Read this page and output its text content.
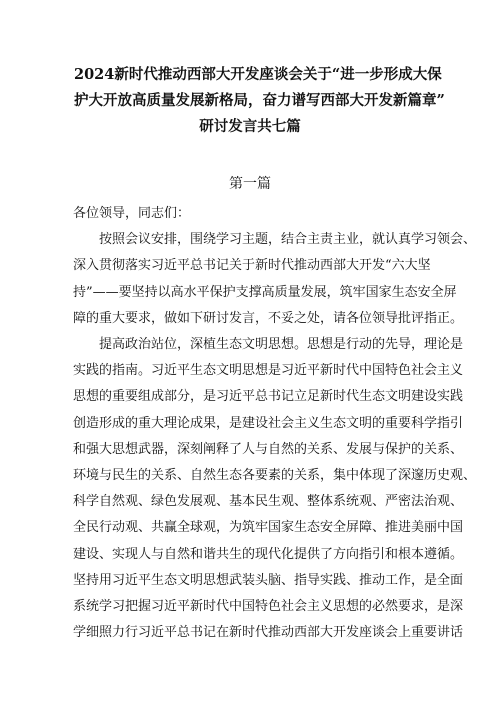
2024新时代推动西部大开发座谈会关于“进一步形成大保
护大开放高质量发展新格局，奋力谱写西部大开发新篇章”
研讨发言共七篇
第一篇
各位领导，同志们：
按照会议安排，围绕学习主题，结合主责主业，就认真学习领会、
深入贯彻落实习近平总书记关于新时代推动西部大开发“六大坚
持”——要坚持以高水平保护支撑高质量发展，筑牢国家生态安全屏
障的重大要求，做如下研讨发言，不妥之处，请各位领导批评指正。
提高政治站位，深植生态文明思想。思想是行动的先导，理论是
实践的指南。习近平生态文明思想是习近平新时代中国特色社会主义
思想的重要组成部分，是习近平总书记立足新时代生态文明建设实践
创造形成的重大理论成果，是建设社会主义生态文明的重要科学指引
和强大思想武器，深刻阐释了人与自然的关系、发展与保护的关系、
环境与民生的关系、自然生态各要素的关系，集中体现了深邃历史观、
科学自然观、绿色发展观、基本民生观、整体系统观、严密法治观、
全民行动观、共赢全球观，为筑牢国家生态安全屏障、推进美丽中国
建设、实现人与自然和谐共生的现代化提供了方向指引和根本遵循。
坚持用习近平生态文明思想武装头脑、指导实践、推动工作，是全面
系统学习把握习近平新时代中国特色社会主义思想的必然要求，是深
学细照力行习近平总书记在新时代推动西部大开发座谈会上重要讲话
